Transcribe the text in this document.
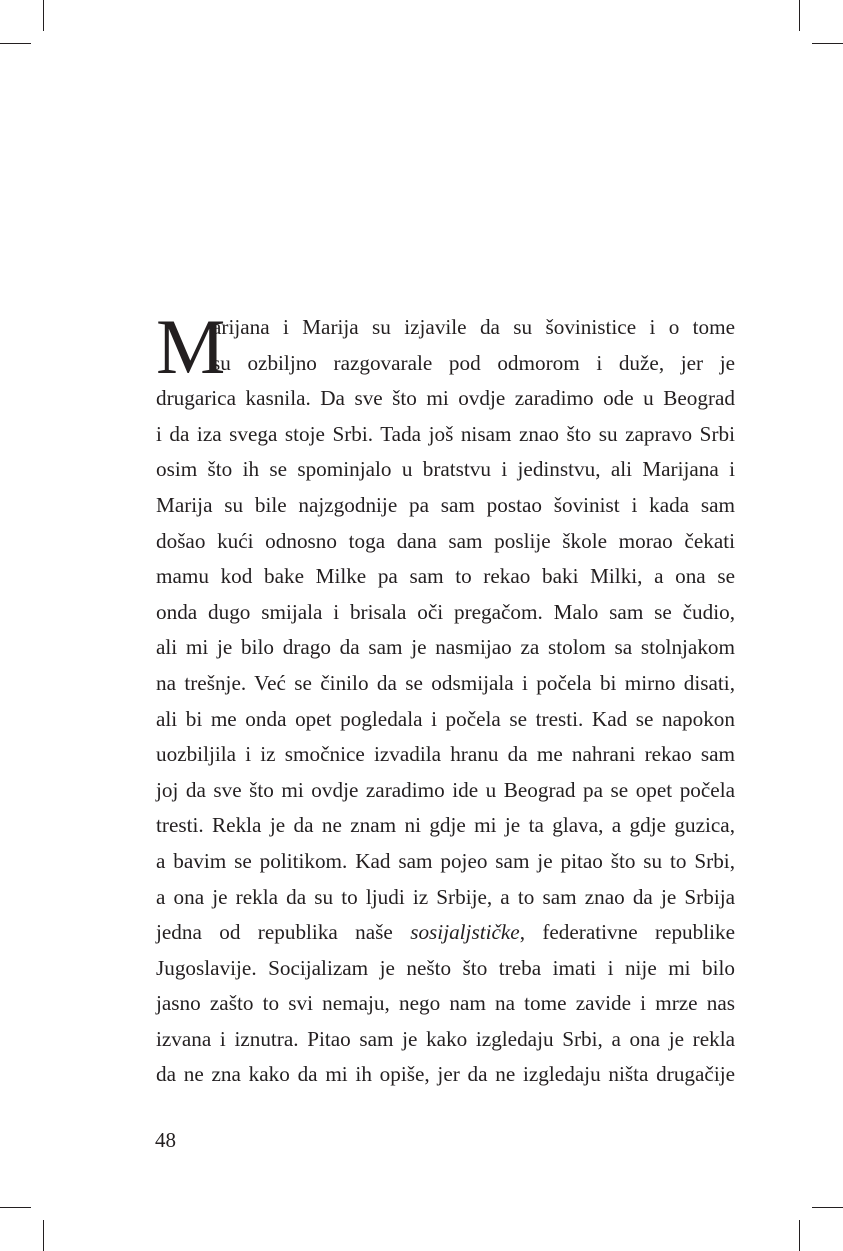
M
arijana i Marija su izjavile da su šovinistice i o tome
su ozbiljno razgovarale pod odmorom i duže, jer je
drugarica kasnila. Da sve što mi ovdje zaradimo ode u Beograd
i da iza svega stoje Srbi. Tada još nisam znao što su zapravo Srbi
osim što ih se spominjalo u bratstvu i jedinstvu, ali Marijana i
Marija su bile najzgodnije pa sam postao šovinist i kada sam
došao kući odnosno toga dana sam poslije škole morao čekati
mamu kod bake Milke pa sam to rekao baki Milki, a ona se
onda dugo smijala i brisala oči pregačom. Malo sam se čudio,
ali mi je bilo drago da sam je nasmijao za stolom sa stolnjakom
na trešnje. Već se činilo da se odsmijala i počela bi mirno disati,
ali bi me onda opet pogledala i počela se tresti. Kad se napokon
uozbiljila i iz smočnice izvadila hranu da me nahrani rekao sam
joj da sve što mi ovdje zaradimo ide u Beograd pa se opet počela
tresti. Rekla je da ne znam ni gdje mi je ta glava, a gdje guzica,
a bavim se politikom. Kad sam pojeo sam je pitao što su to Srbi,
a ona je rekla da su to ljudi iz Srbije, a to sam znao da je Srbija
jedna od republika naše sosijaljstičke, federativne republike
Jugoslavije. Socijalizam je nešto što treba imati i nije mi bilo
jasno zašto to svi nemaju, nego nam na tome zavide i mrze nas
izvana i iznutra. Pitao sam je kako izgledaju Srbi, a ona je rekla
da ne zna kako da mi ih opiše, jer da ne izgledaju ništa drugačije
48
